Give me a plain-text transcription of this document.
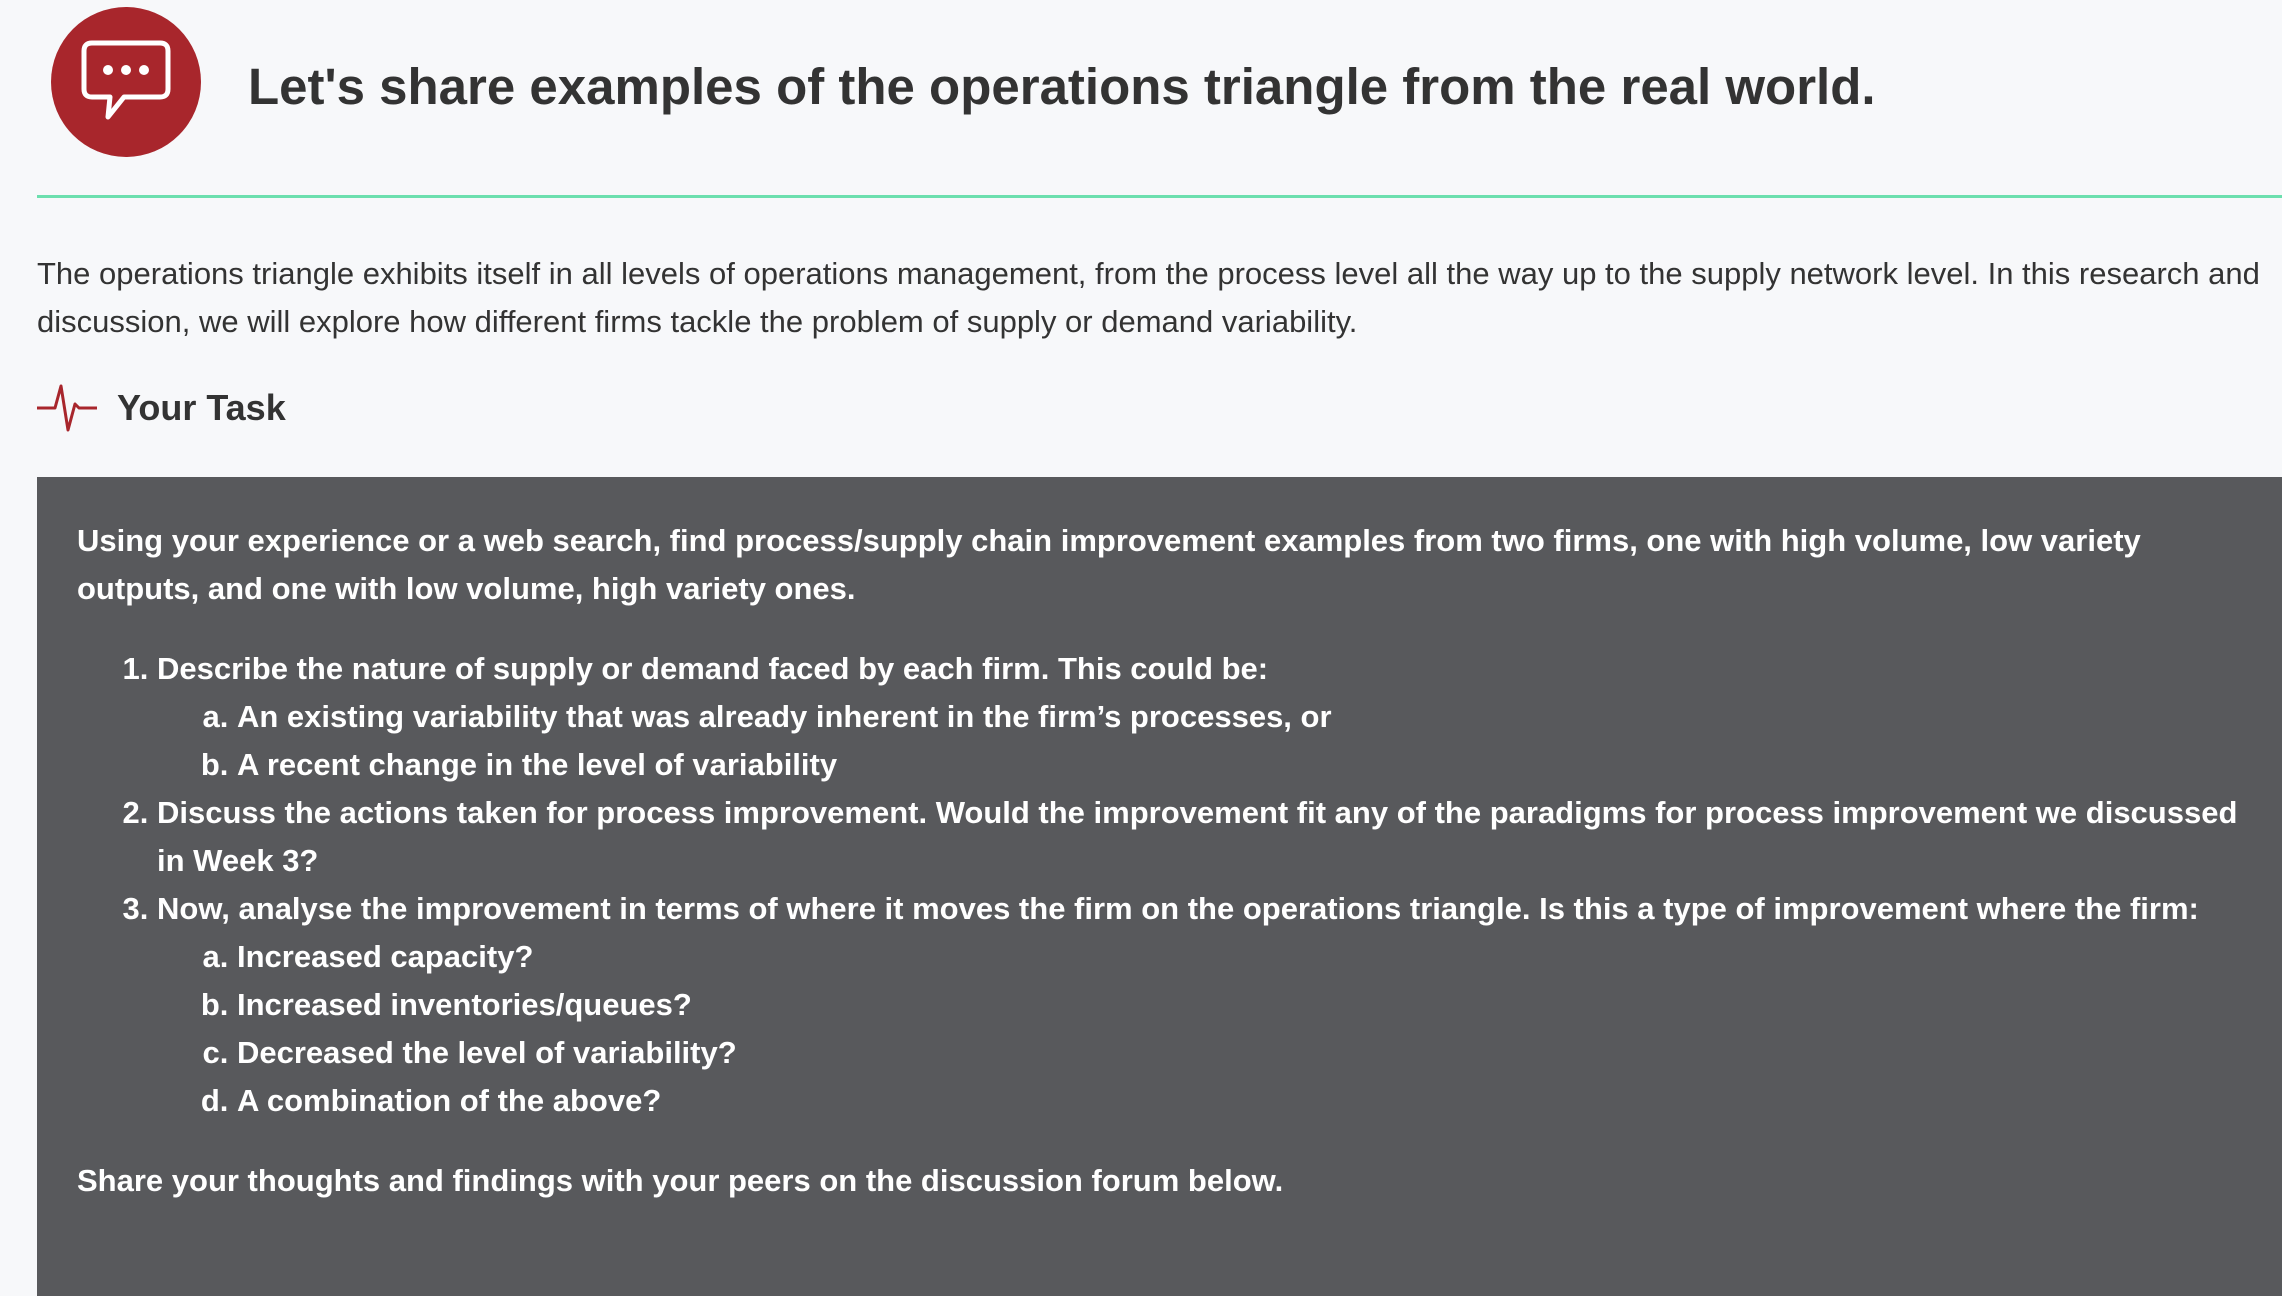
Let's share examples of the operations triangle from the real world.

The operations triangle exhibits itself in all levels of operations management, from the process level all the way up to the supply network level. In this research and discussion, we will explore how different firms tackle the problem of supply or demand variability.

Your Task

Using your experience or a web search, find process/supply chain improvement examples from two firms, one with high volume, low variety outputs, and one with low volume, high variety ones.

1. Describe the nature of supply or demand faced by each firm. This could be:
a. An existing variability that was already inherent in the firm’s processes, or
b. A recent change in the level of variability
2. Discuss the actions taken for process improvement. Would the improvement fit any of the paradigms for process improvement we discussed in Week 3?
3. Now, analyse the improvement in terms of where it moves the firm on the operations triangle. Is this a type of improvement where the firm:
a. Increased capacity?
b. Increased inventories/queues?
c. Decreased the level of variability?
d. A combination of the above?

Share your thoughts and findings with your peers on the discussion forum below.
